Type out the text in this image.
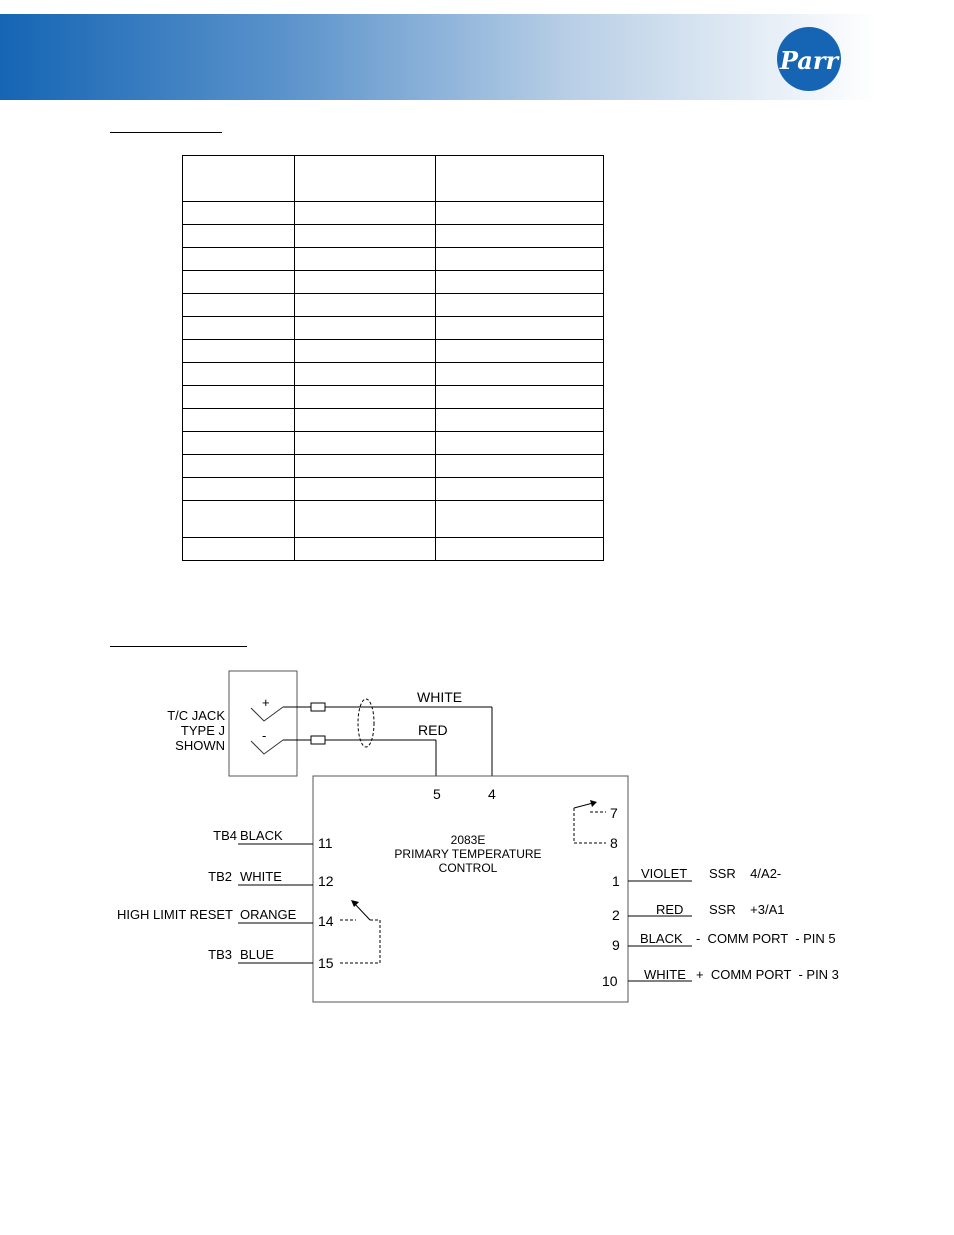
Parr

T/C JACK
TYPE J
SHOWN
+
-
WHITE
RED
5	4
2083E
PRIMARY TEMPERATURE
CONTROL
7
8
TB4 BLACK	11
TB2 WHITE	12
HIGH LIMIT RESET ORANGE 14
TB3 BLUE
15
1 VIOLET SSR    4/A2-
2	RED SSR    +3/A1
9 BLACK -  COMM PORT  - PIN 5
10 WHITE +  COMM PORT  - PIN 3
